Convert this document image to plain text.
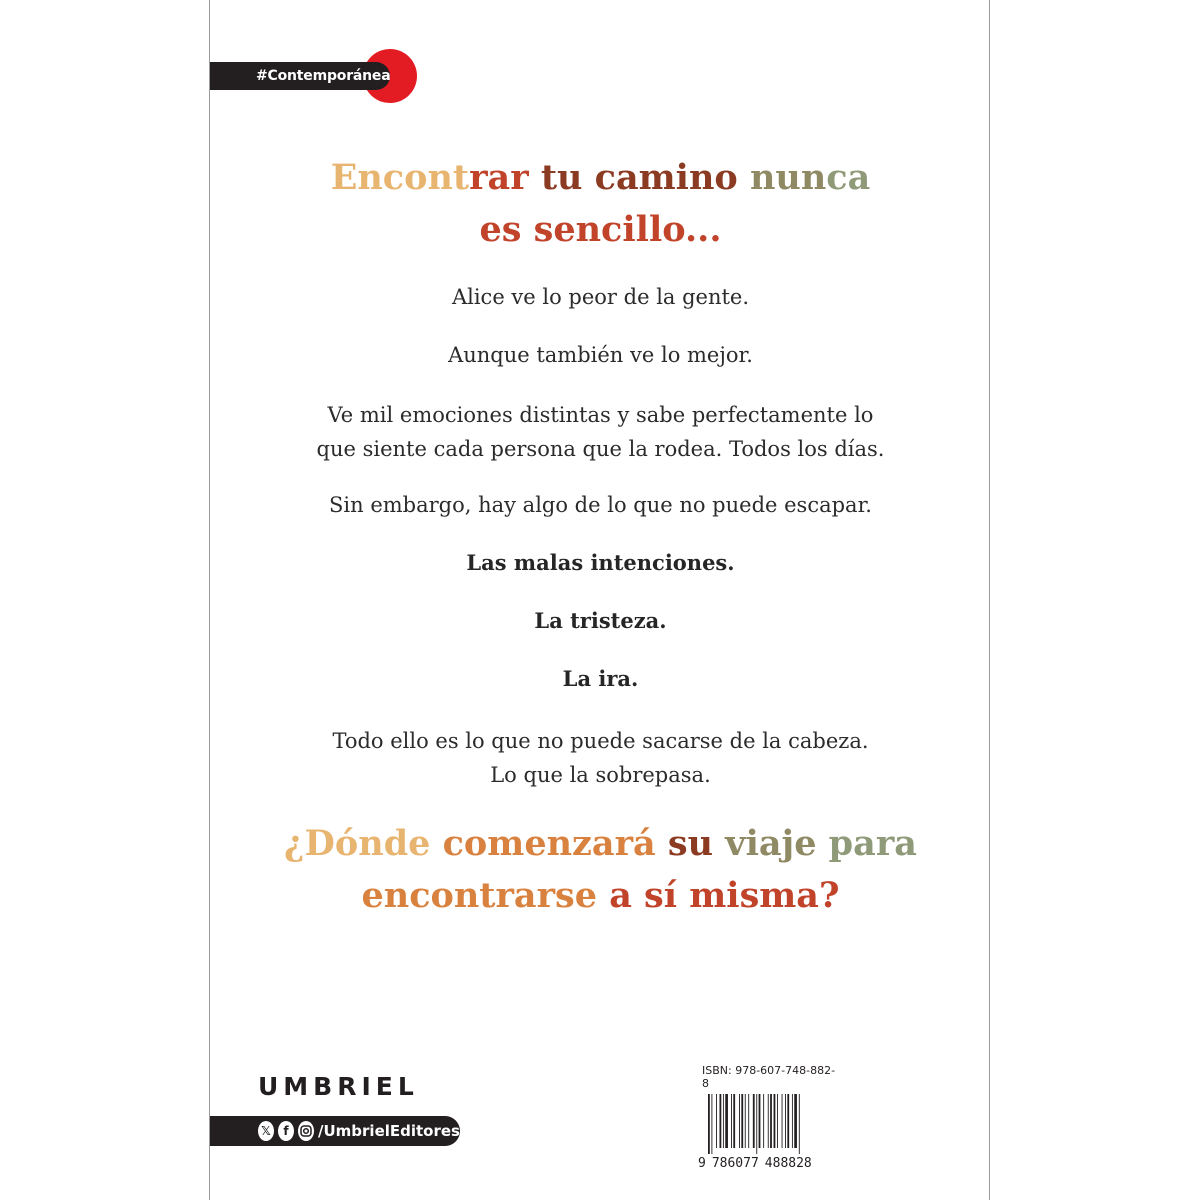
#Contemporánea
Encontrar tu camino nunca
es sencillo...
Alice ve lo peor de la gente.
Aunque también ve lo mejor.
Ve mil emociones distintas y sabe perfectamente lo
que siente cada persona que la rodea. Todos los días.
Sin embargo, hay algo de lo que no puede escapar.
Las malas intenciones.
La tristeza.
La ira.
Todo ello es lo que no puede sacarse de la cabeza.
Lo que la sobrepasa.
¿Dónde comenzará su viaje para
encontrarse a sí misma?
UMBRIEL
𝕏	f	/UmbrielEditores
ISBN: 978-607-748-882-8
9 786077 488828
